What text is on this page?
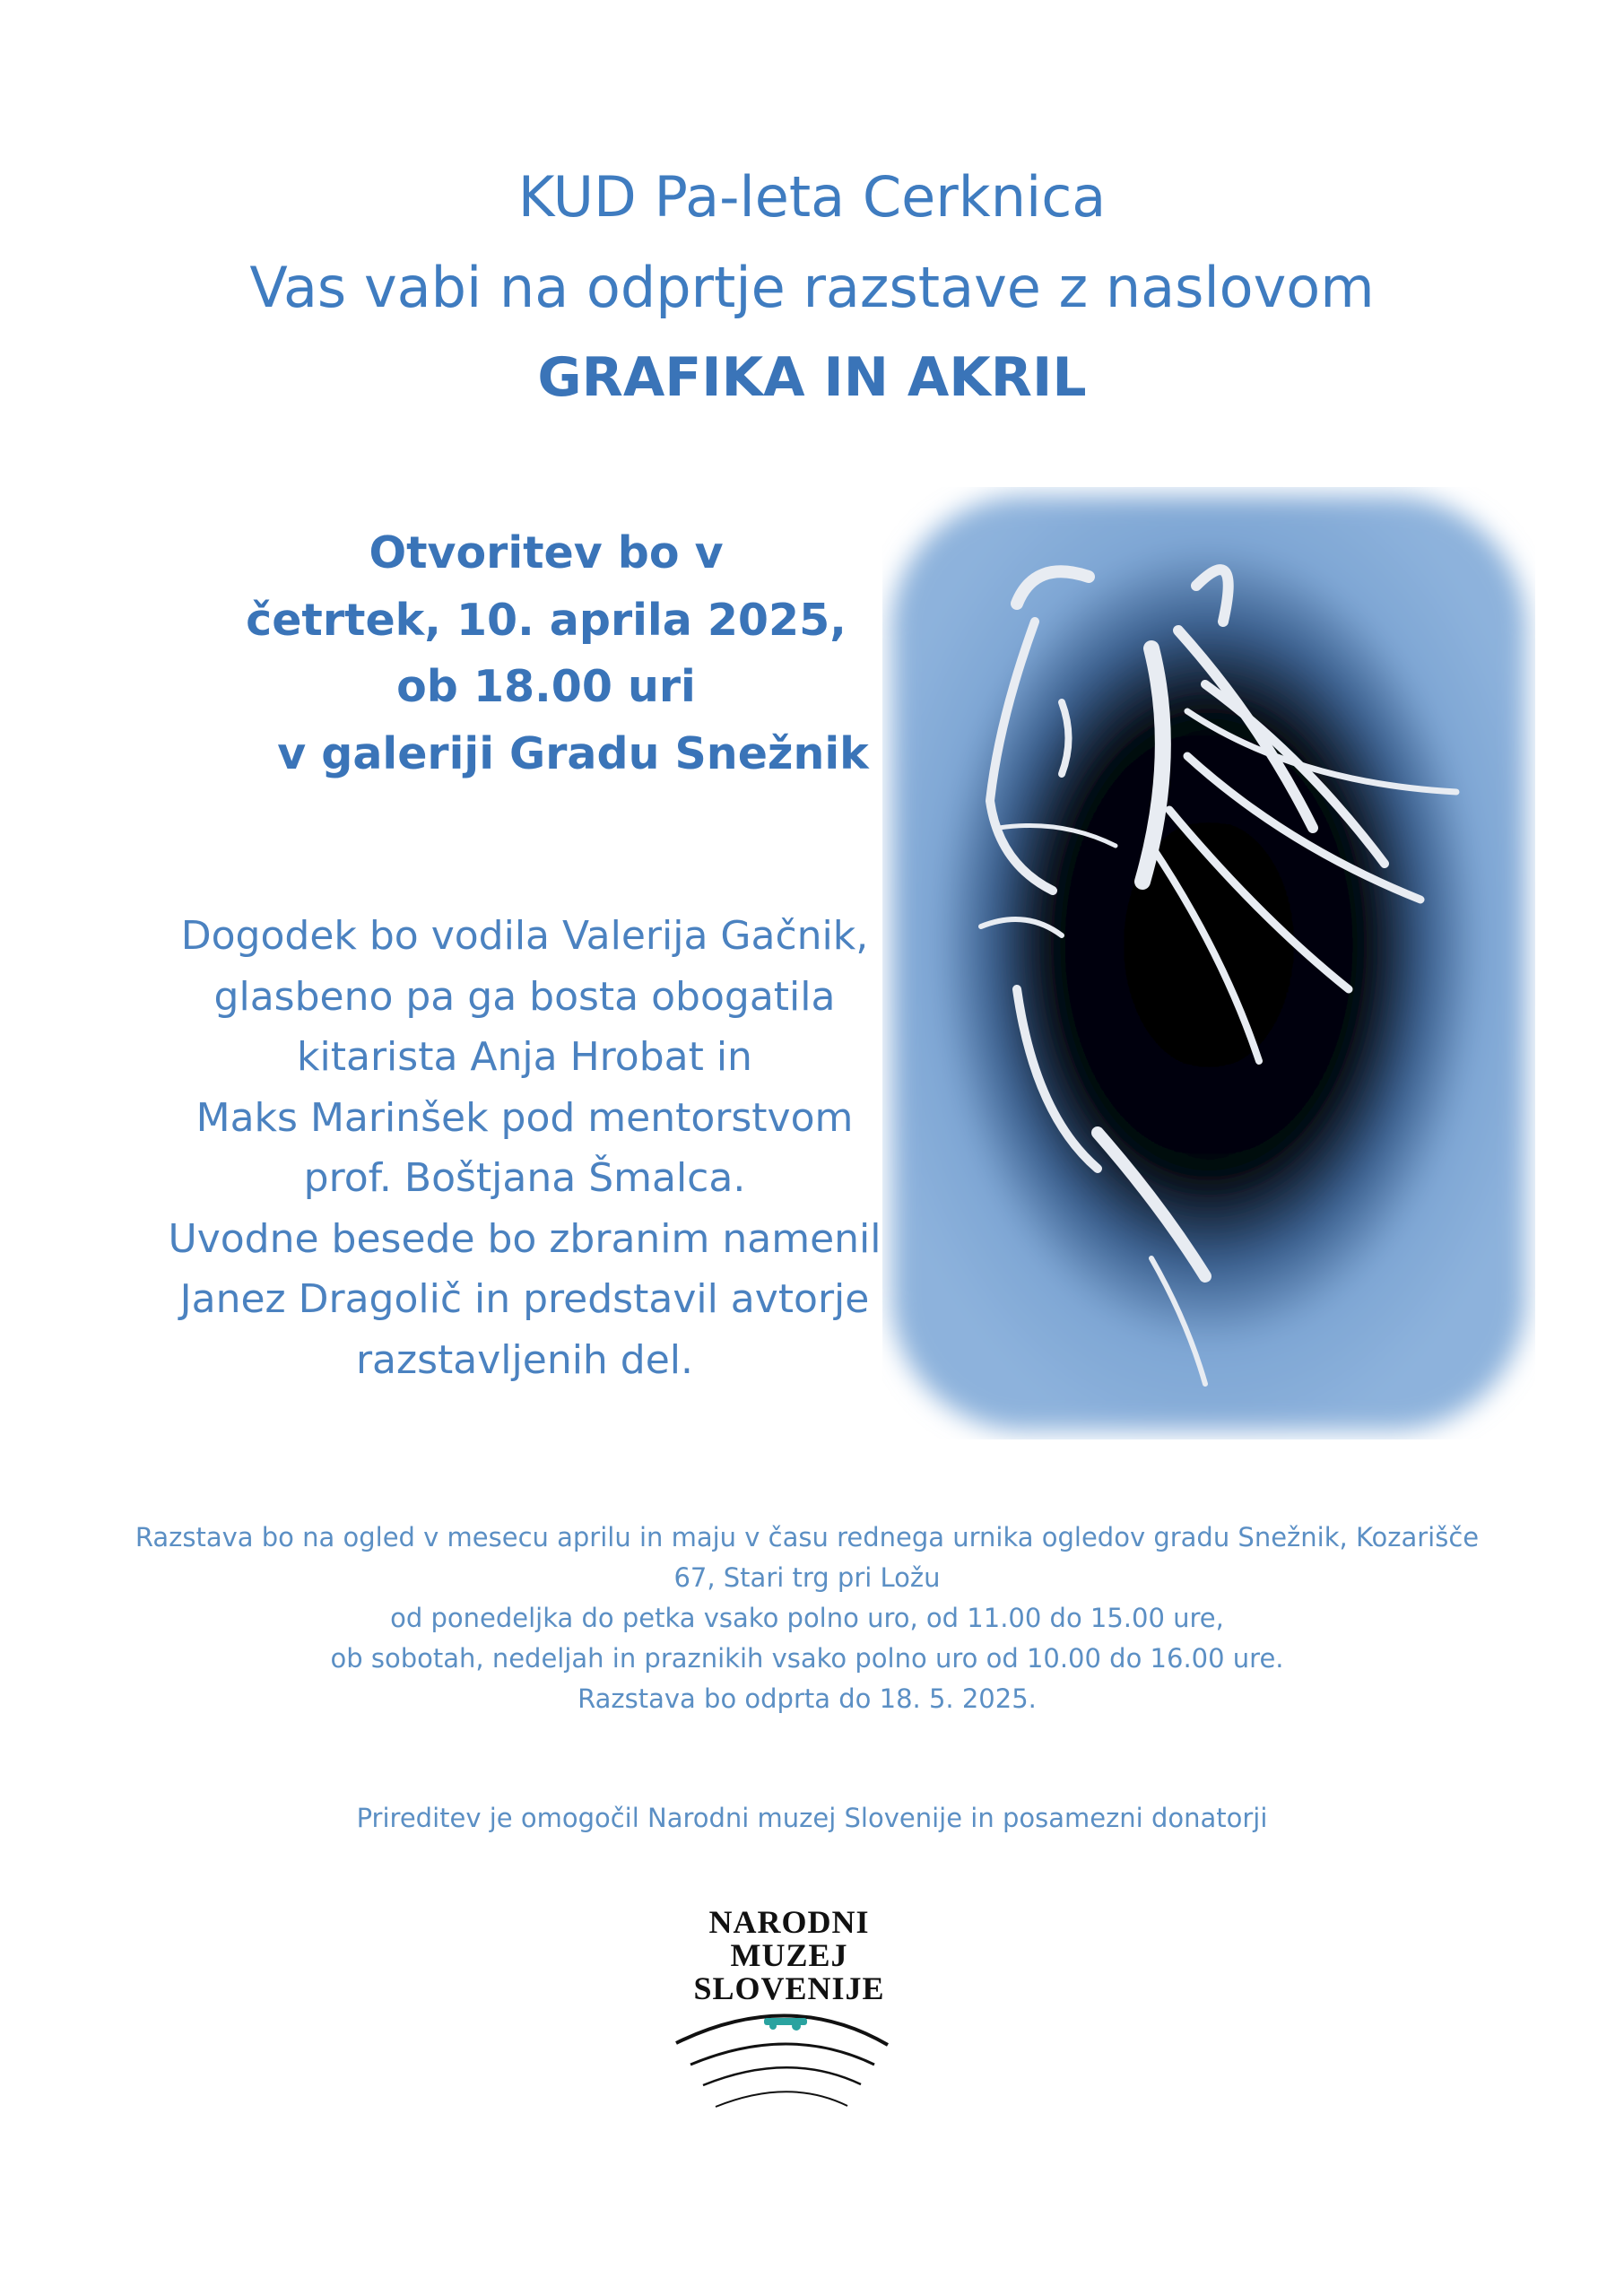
KUD Pa-leta Cerknica
Vas vabi na odprtje razstave z naslovom
GRAFIKA IN AKRIL
Otvoritev bo v
četrtek, 10. aprila 2025,
ob 18.00 uri
v galeriji Gradu Snežnik
Dogodek bo vodila Valerija Gačnik,
glasbeno pa ga bosta obogatila
kitarista Anja Hrobat in
Maks Marinšek pod mentorstvom
prof. Boštjana Šmalca.
Uvodne besede bo zbranim namenil
Janez Dragolič in predstavil avtorje
razstavljenih del.
Razstava bo na ogled v mesecu aprilu in maju v času rednega urnika ogledov gradu Snežnik, Kozarišče
67, Stari trg pri Ložu
od ponedeljka do petka vsako polno uro, od 11.00 do 15.00 ure,
ob sobotah, nedeljah in praznikih vsako polno uro od 10.00 do 16.00 ure.
Razstava bo odprta do 18. 5. 2025.
Prireditev je omogočil Narodni muzej Slovenije in posamezni donatorji
NARODNI
MUZEJ
SLOVENIJE
